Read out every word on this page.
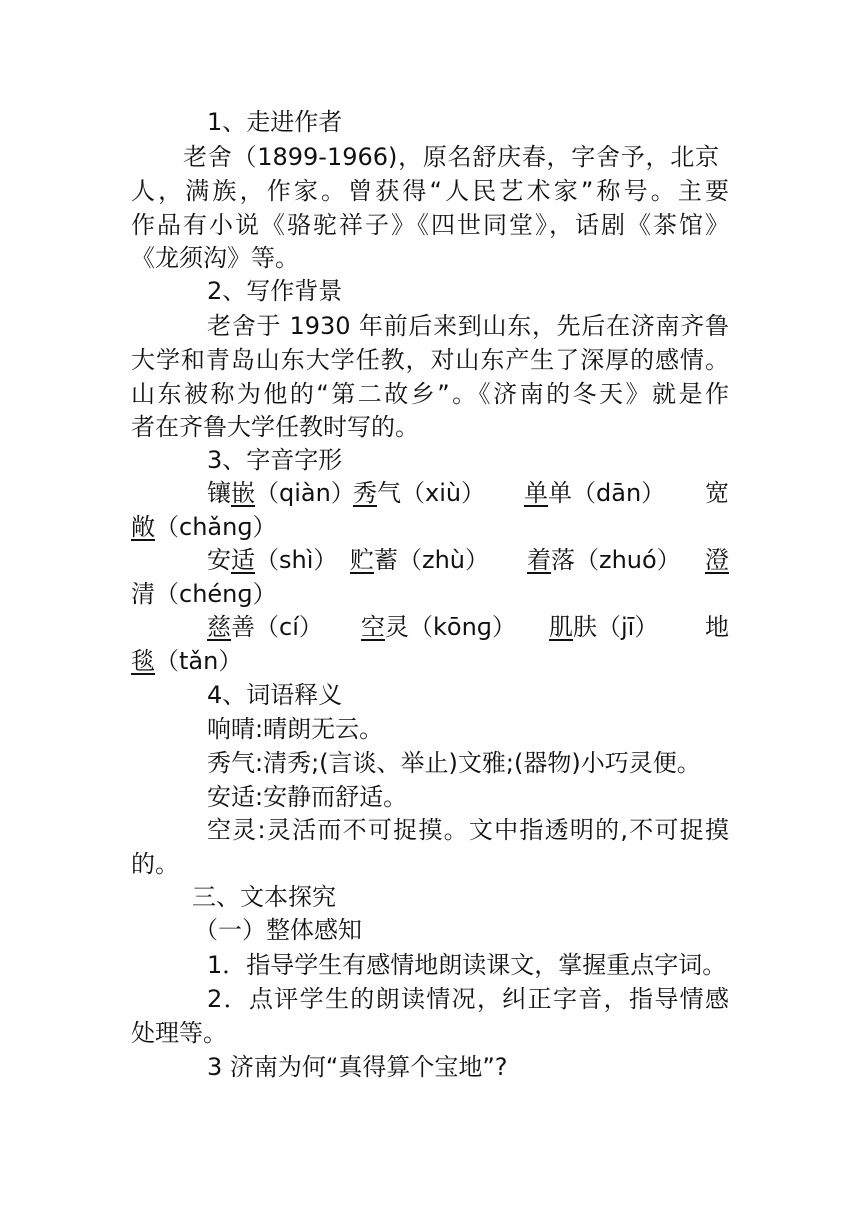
1、走进作者
老舍（1899-1966)，原名舒庆春，字舍予，北京
人，满族，作家。曾获得“人民艺术家”称号。主要
作品有小说《骆驼祥子》《四世同堂》，话剧《茶馆》
《龙须沟》等。
2、写作背景
老舍于 1930 年前后来到山东，先后在济南齐鲁
大学和青岛山东大学任教，对山东产生了深厚的感情。
山东被称为他的“第二故乡”。《济南的冬天》就是作
者在齐鲁大学任教时写的。
3、字音字形
镶嵌（qiàn）
秀气（xiù） 单单（dān） 宽
敞（chǎnɡ）
安适（shì） 贮蓄（zhù） 着落（zhuó） 澄
清（chénɡ）
慈善（cí） 空灵（kōnɡ） 肌肤（jī） 地
毯（tǎn）
4、词语释义
响晴:晴朗无云。
秀气:清秀;(言谈、举止)文雅;(器物)小巧灵便。
安适:安静而舒适。
空灵:灵活而不可捉摸。文中指透明的,不可捉摸
的。
三、文本探究
（一）整体感知
1．指导学生有感情地朗读课文，掌握重点字词。
2．点评学生的朗读情况，纠正字音，指导情感
处理等。
3 济南为何“真得算个宝地”?
